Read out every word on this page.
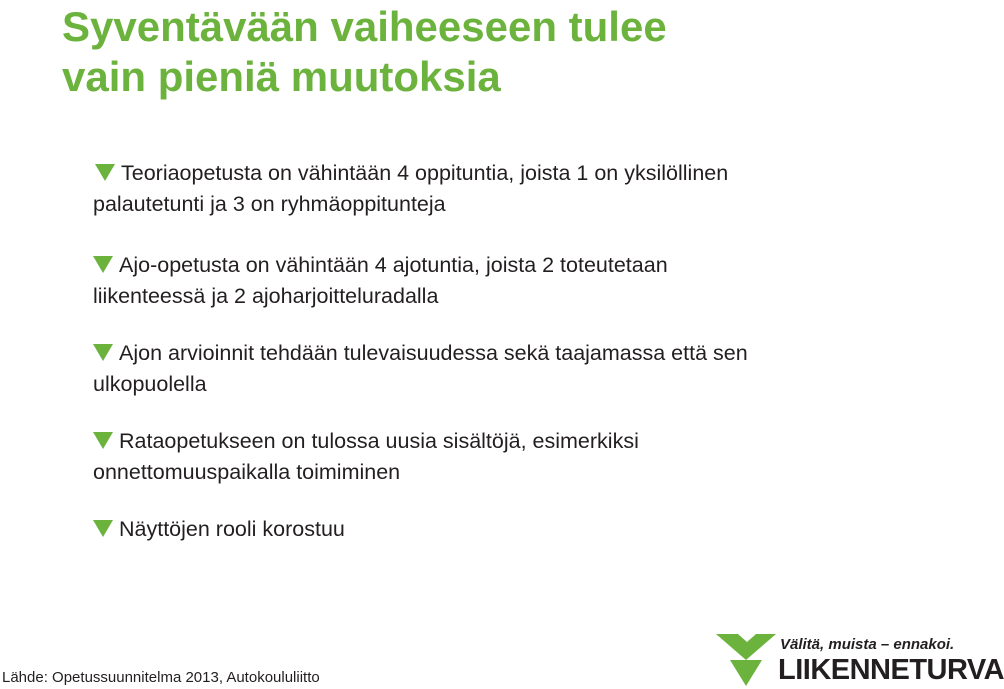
Syventävään vaiheeseen tulee
vain pieniä muutoksia
Teoriaopetusta on vähintään 4 oppituntia, joista 1 on yksilöllinen
palautetunti ja 3 on ryhmäoppitunteja
Ajo-opetusta on vähintään 4 ajotuntia, joista 2 toteutetaan
liikenteessä ja 2 ajoharjoitteluradalla
Ajon arvioinnit tehdään tulevaisuudessa sekä taajamassa että sen
ulkopuolella
Rataopetukseen on tulossa uusia sisältöjä, esimerkiksi
onnettomuuspaikalla toimiminen
Näyttöjen rooli korostuu

Lähde: Opetussuunnitelma 2013, Autokoululiitto

Välitä, muista – ennakoi.
LIIKENNETURVA
